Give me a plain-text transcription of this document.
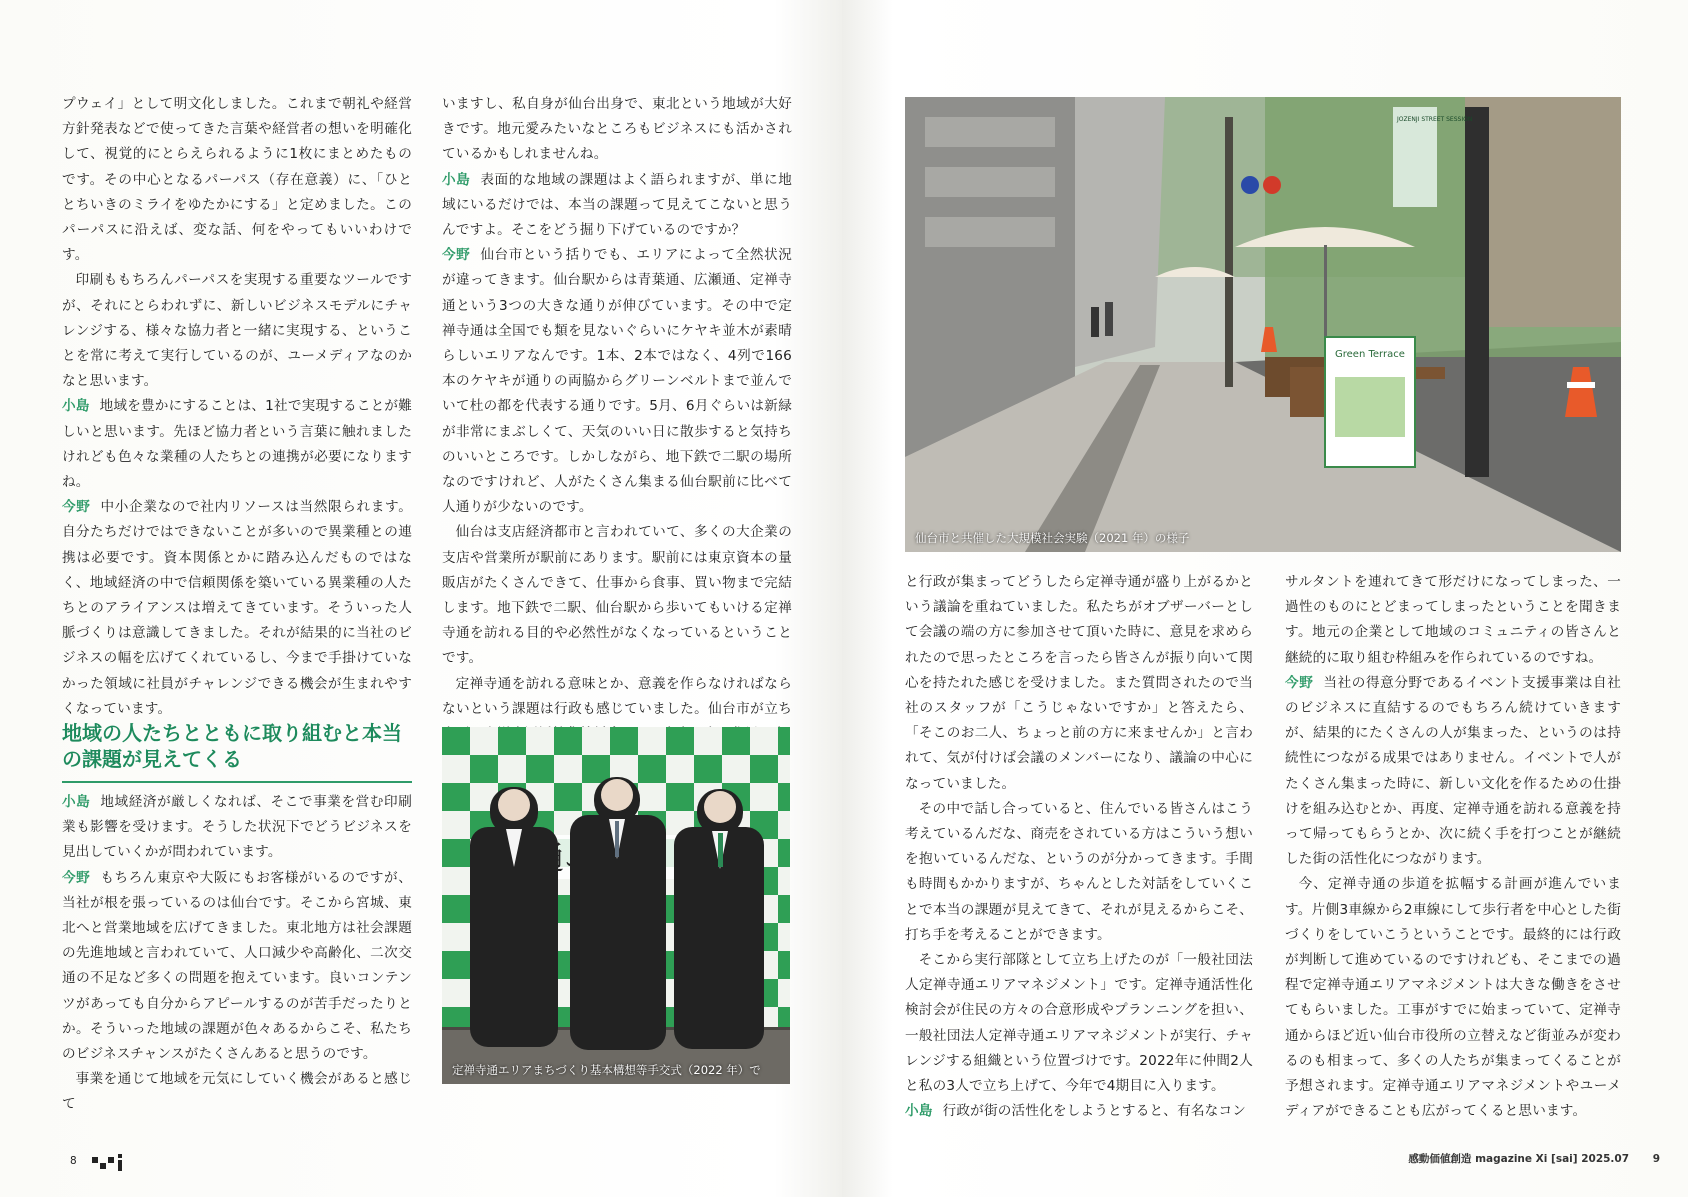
プウェイ」として明文化しました。これまで朝礼や経営方針発表などで使ってきた言葉や経営者の想いを明確化して、視覚的にとらえられるように1枚にまとめたものです。その中心となるパーパス（存在意義）に、「ひととちいきのミライをゆたかにする」と定めました。このパーパスに沿えば、変な話、何をやってもいいわけです。

印刷ももちろんパーパスを実現する重要なツールですが、それにとらわれずに、新しいビジネスモデルにチャレンジする、様々な協力者と一緒に実現する、ということを常に考えて実行しているのが、ユーメディアなのかなと思います。

小島 地域を豊かにすることは、1社で実現することが難しいと思います。先ほど協力者という言葉に触れましたけれども色々な業種の人たちとの連携が必要になりますね。

今野 中小企業なので社内リソースは当然限られます。自分たちだけではできないことが多いので異業種との連携は必要です。資本関係とかに踏み込んだものではなく、地域経済の中で信頼関係を築いている異業種の人たちとのアライアンスは増えてきています。そういった人脈づくりは意識してきました。それが結果的に当社のビジネスの幅を広げてくれているし、今まで手掛けていなかった領域に社員がチャレンジできる機会が生まれやすくなっています。

地域の人たちとともに取り組むと本当の課題が見えてくる

小島 地域経済が厳しくなれば、そこで事業を営む印刷業も影響を受けます。そうした状況下でどうビジネスを見出していくかが問われています。

今野 もちろん東京や大阪にもお客様がいるのですが、当社が根を張っているのは仙台です。そこから宮城、東北へと営業地域を広げてきました。東北地方は社会課題の先進地域と言われていて、人口減少や高齢化、二次交通の不足など多くの問題を抱えています。良いコンテンツがあっても自分からアピールするのが苦手だったりとか。そういった地域の課題が色々あるからこそ、私たちのビジネスチャンスがたくさんあると思うのです。

事業を通じて地域を元気にしていく機会があると感じて

いますし、私自身が仙台出身で、東北という地域が大好きです。地元愛みたいなところもビジネスにも活かされているかもしれませんね。

小島 表面的な地域の課題はよく語られますが、単に地域にいるだけでは、本当の課題って見えてこないと思うんですよ。そこをどう掘り下げているのですか？

今野 仙台市という括りでも、エリアによって全然状況が違ってきます。仙台駅からは青葉通、広瀬通、定禅寺通という3つの大きな通りが伸びています。その中で定禅寺通は全国でも類を見ないぐらいにケヤキ並木が素晴らしいエリアなんです。1本、2本ではなく、4列で166本のケヤキが通りの両脇からグリーンベルトまで並んでいて杜の都を代表する通りです。5月、6月ぐらいは新緑が非常にまぶしくて、天気のいい日に散歩すると気持ちのいいところです。しかしながら、地下鉄で二駅の場所なのですけれど、人がたくさん集まる仙台駅前に比べて人通りが少ないのです。

仙台は支店経済都市と言われていて、多くの大企業の支店や営業所が駅前にあります。駅前には東京資本の量販店がたくさんできて、仕事から食事、買い物まで完結します。地下鉄で二駅、仙台駅から歩いてもいける定禅寺通を訪れる目的や必然性がなくなっているということです。

定禅寺通を訪れる意味とか、意義を作らなければならないという課題は行政も感じていました。仙台市が立ち

定禅寺通エリアまちづくり基本構想等手交式（2022 年）で
8
Green Terrace
JOZENJI STREET SESSION
仙台市と共催した大規模社会実験（2021 年）の様子

と行政が集まってどうしたら定禅寺通が盛り上がるかという議論を重ねていました。私たちがオブザーバーとして会議の端の方に参加させて頂いた時に、意見を求められたので思ったところを言ったら皆さんが振り向いて関心を持たれた感じを受けました。また質問されたので当社のスタッフが「こうじゃないですか」と答えたら、「そこのお二人、ちょっと前の方に来ませんか」と言われて、気が付けば会議のメンバーになり、議論の中心になっていました。

その中で話し合っていると、住んでいる皆さんはこう考えているんだな、商売をされている方はこういう想いを抱いているんだな、というのが分かってきます。手間も時間もかかりますが、ちゃんとした対話をしていくことで本当の課題が見えてきて、それが見えるからこそ、打ち手を考えることができます。

そこから実行部隊として立ち上げたのが「一般社団法人定禅寺通エリアマネジメント」です。定禅寺通活性化検討会が住民の方々の合意形成やプランニングを担い、一般社団法人定禅寺通エリアマネジメントが実行、チャレンジする組織という位置づけです。2022年に仲間2人と私の3人で立ち上げて、今年で4期目に入ります。

小島 行政が街の活性化をしようとすると、有名なコン

サルタントを連れてきて形だけになってしまった、一過性のものにとどまってしまったということを聞きます。地元の企業として地域のコミュニティの皆さんと継続的に取り組む枠組みを作られているのですね。

今野 当社の得意分野であるイベント支援事業は自社のビジネスに直結するのでもちろん続けていきますが、結果的にたくさんの人が集まった、というのは持続性につながる成果ではありません。イベントで人がたくさん集まった時に、新しい文化を作るための仕掛けを組み込むとか、再度、定禅寺通を訪れる意義を持って帰ってもらうとか、次に続く手を打つことが継続した街の活性化につながります。

今、定禅寺通の歩道を拡幅する計画が進んでいます。片側3車線から2車線にして歩行者を中心とした街づくりをしていこうということです。最終的には行政が判断して進めているのですけれども、そこまでの過程で定禅寺通エリアマネジメントは大きな働きをさせてもらいました。工事がすでに始まっていて、定禅寺通からほど近い仙台市役所の立替えなど街並みが変わるのも相まって、多くの人たちが集まってくることが予想されます。定禅寺通エリアマネジメントやユーメディアができることも広がってくると思います。

感動価値創造 magazine Xi [sai] 2025.07 9
